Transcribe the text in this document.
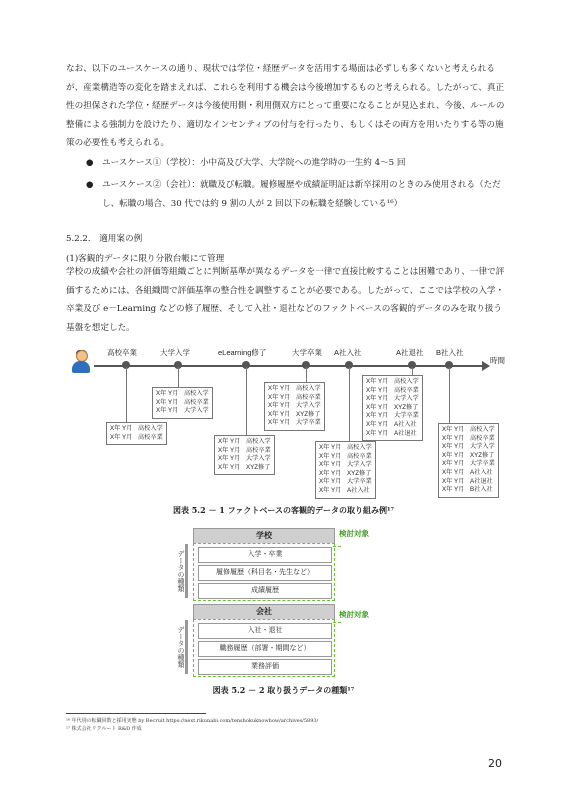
なお、以下のユースケースの通り、現状では学位・経歴データを活用する場面は必ずしも多くないと考えられるが、産業構造等の変化を踏まえれば、これらを利用する機会は今後増加するものと考えられる。したがって、真正性の担保された学位・経歴データは今後使用側・利用側双方にとって重要になることが見込まれ、今後、ルールの整備による強制力を設けたり、適切なインセンティブの付与を行ったり、もしくはその両方を用いたりする等の施策の必要性も考えられる。

● ユースケース①（学校）：小中高及び大学、大学院への進学時の一生約 4～5 回
● ユースケース②（会社）：就職及び転職。履修履歴や成績証明証は新卒採用のときのみ使用される（ただし、転職の場合、30 代では約 9 割の人が 2 回以下の転職を経験している¹⁶）
5.2.2.　適用案の例
(1)客観的データに限り分散台帳にて管理

学校の成績や会社の評価等組織ごとに判断基準が異なるデータを一律で直接比較することは困難であり、一律で評価するためには、各組織間で評価基準の整合性を調整することが必要である。したがって、ここでは学校の入学・卒業及び e－Learning などの修了履歴、そして入社・退社などのファクトベースの客観的データのみを取り扱う基盤を想定した。

高校卒業	大学入学	eLearning修了	大学卒業 A社入社	A社退社 B社入社
時間
X年 Y月 高校入学
X年 Y月 高校卒業
X年 Y月 高校入学
X年 Y月 高校卒業
X年 Y月 大学入学
X年 Y月 高校入学
X年 Y月 高校卒業
X年 Y月 大学入学
X年 Y月 XYZ修了
X年 Y月 高校入学
X年 Y月 高校卒業
X年 Y月 大学入学
X年 Y月 XYZ修了
X年 Y月 大学卒業
X年 Y月 高校入学
X年 Y月 高校卒業
X年 Y月 大学入学
X年 Y月 XYZ修了
X年 Y月 大学卒業
X年 Y月 A社入社
X年 Y月 高校入学
X年 Y月 高校卒業
X年 Y月 大学入学
X年 Y月 XYZ修了
X年 Y月 大学卒業
X年 Y月 A社入社
X年 Y月 A社退社
X年 Y月 高校入学
X年 Y月 高校卒業
X年 Y月 大学入学
X年 Y月 XYZ修了
X年 Y月 大学卒業
X年 Y月 A社入社
X年 Y月 A社退社
X年 Y月 B社入社
図表 5.2 － 1 ファクトベースの客観的データの取り組み例¹⁷
学校
入学・卒業
履修履歴（科目名・先生など）
成績履歴
検討対象
データの種類
会社
入社・退社
職務履歴（部署・期間など）
業務評価
検討対象
データの種類
図表 5.2 － 2 取り扱うデータの種類¹⁷
¹⁶ 年代別の転職回数と採用実態 by Recruit https://next.rikunabi.com/tenshokuknowhow/archives/5893/
¹⁷ 株式会社リクルート R&D 作成
20
